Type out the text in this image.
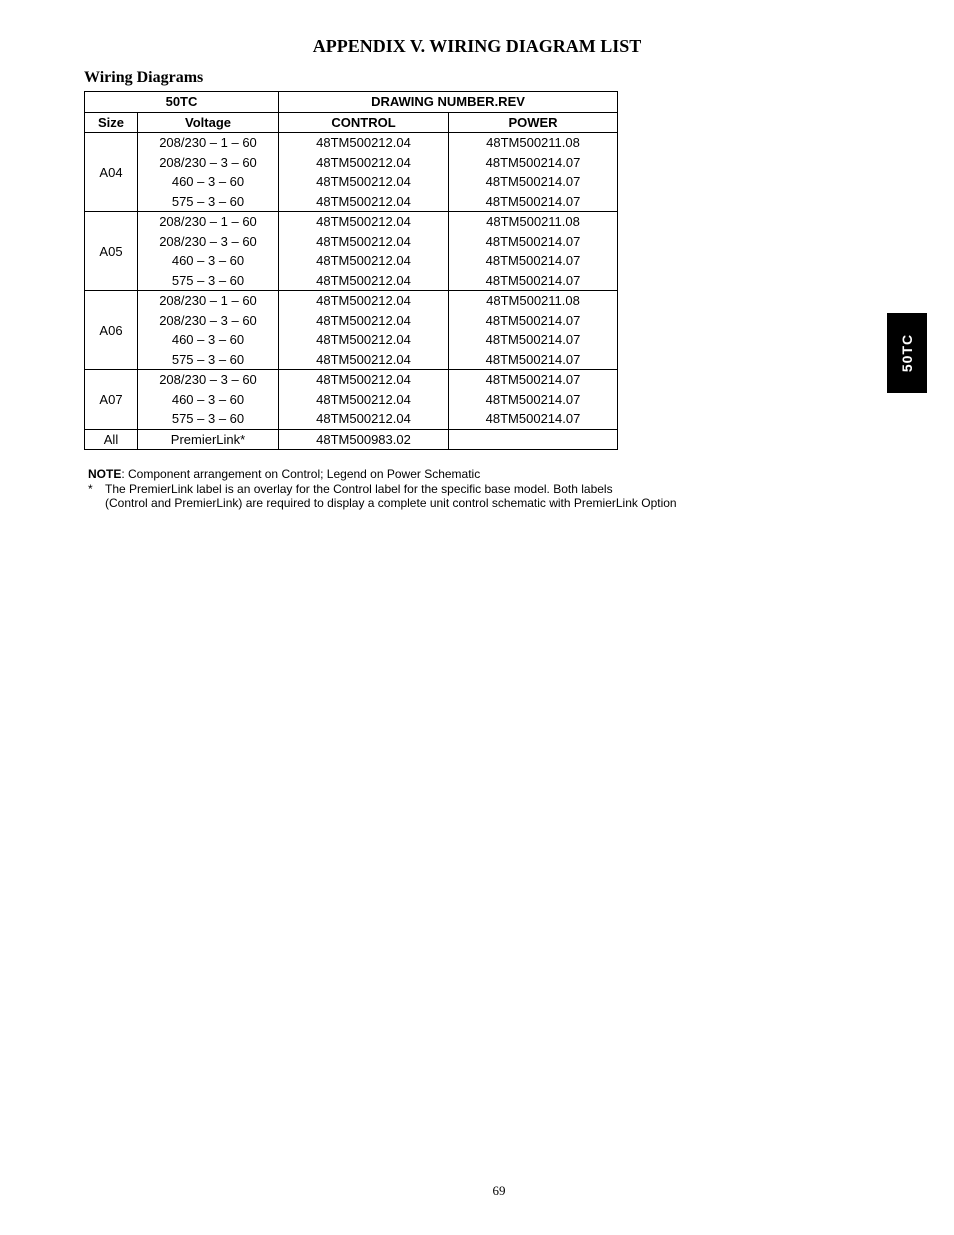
APPENDIX V. WIRING DIAGRAM LIST
Wiring Diagrams
50TC		DRAWING NUMBER.REV	
Size	Voltage	CONTROL	POWER
A04	208/230 – 1 – 60	48TM500212.04	48TM500211.08
	208/230 – 3 – 60	48TM500212.04	48TM500214.07
	460 – 3 – 60	48TM500212.04	48TM500214.07
	575 – 3 – 60	48TM500212.04	48TM500214.07
A05	208/230 – 1 – 60	48TM500212.04	48TM500211.08
	208/230 – 3 – 60	48TM500212.04	48TM500214.07
	460 – 3 – 60	48TM500212.04	48TM500214.07
	575 – 3 – 60	48TM500212.04	48TM500214.07
A06	208/230 – 1 – 60	48TM500212.04	48TM500211.08
	208/230 – 3 – 60	48TM500212.04	48TM500214.07
	460 – 3 – 60	48TM500212.04	48TM500214.07
	575 – 3 – 60	48TM500212.04	48TM500214.07
A07	208/230 – 3 – 60	48TM500212.04	48TM500214.07
	460 – 3 – 60	48TM500212.04	48TM500214.07
	575 – 3 – 60	48TM500212.04	48TM500214.07
All	PremierLink*	48TM500983.02	
NOTE: Component arrangement on Control; Legend on Power Schematic
*	The PremierLink label is an overlay for the Control label for the specific base model. Both labels
(Control and PremierLink) are required to display a complete unit control schematic with PremierLink Option
50TC
69
